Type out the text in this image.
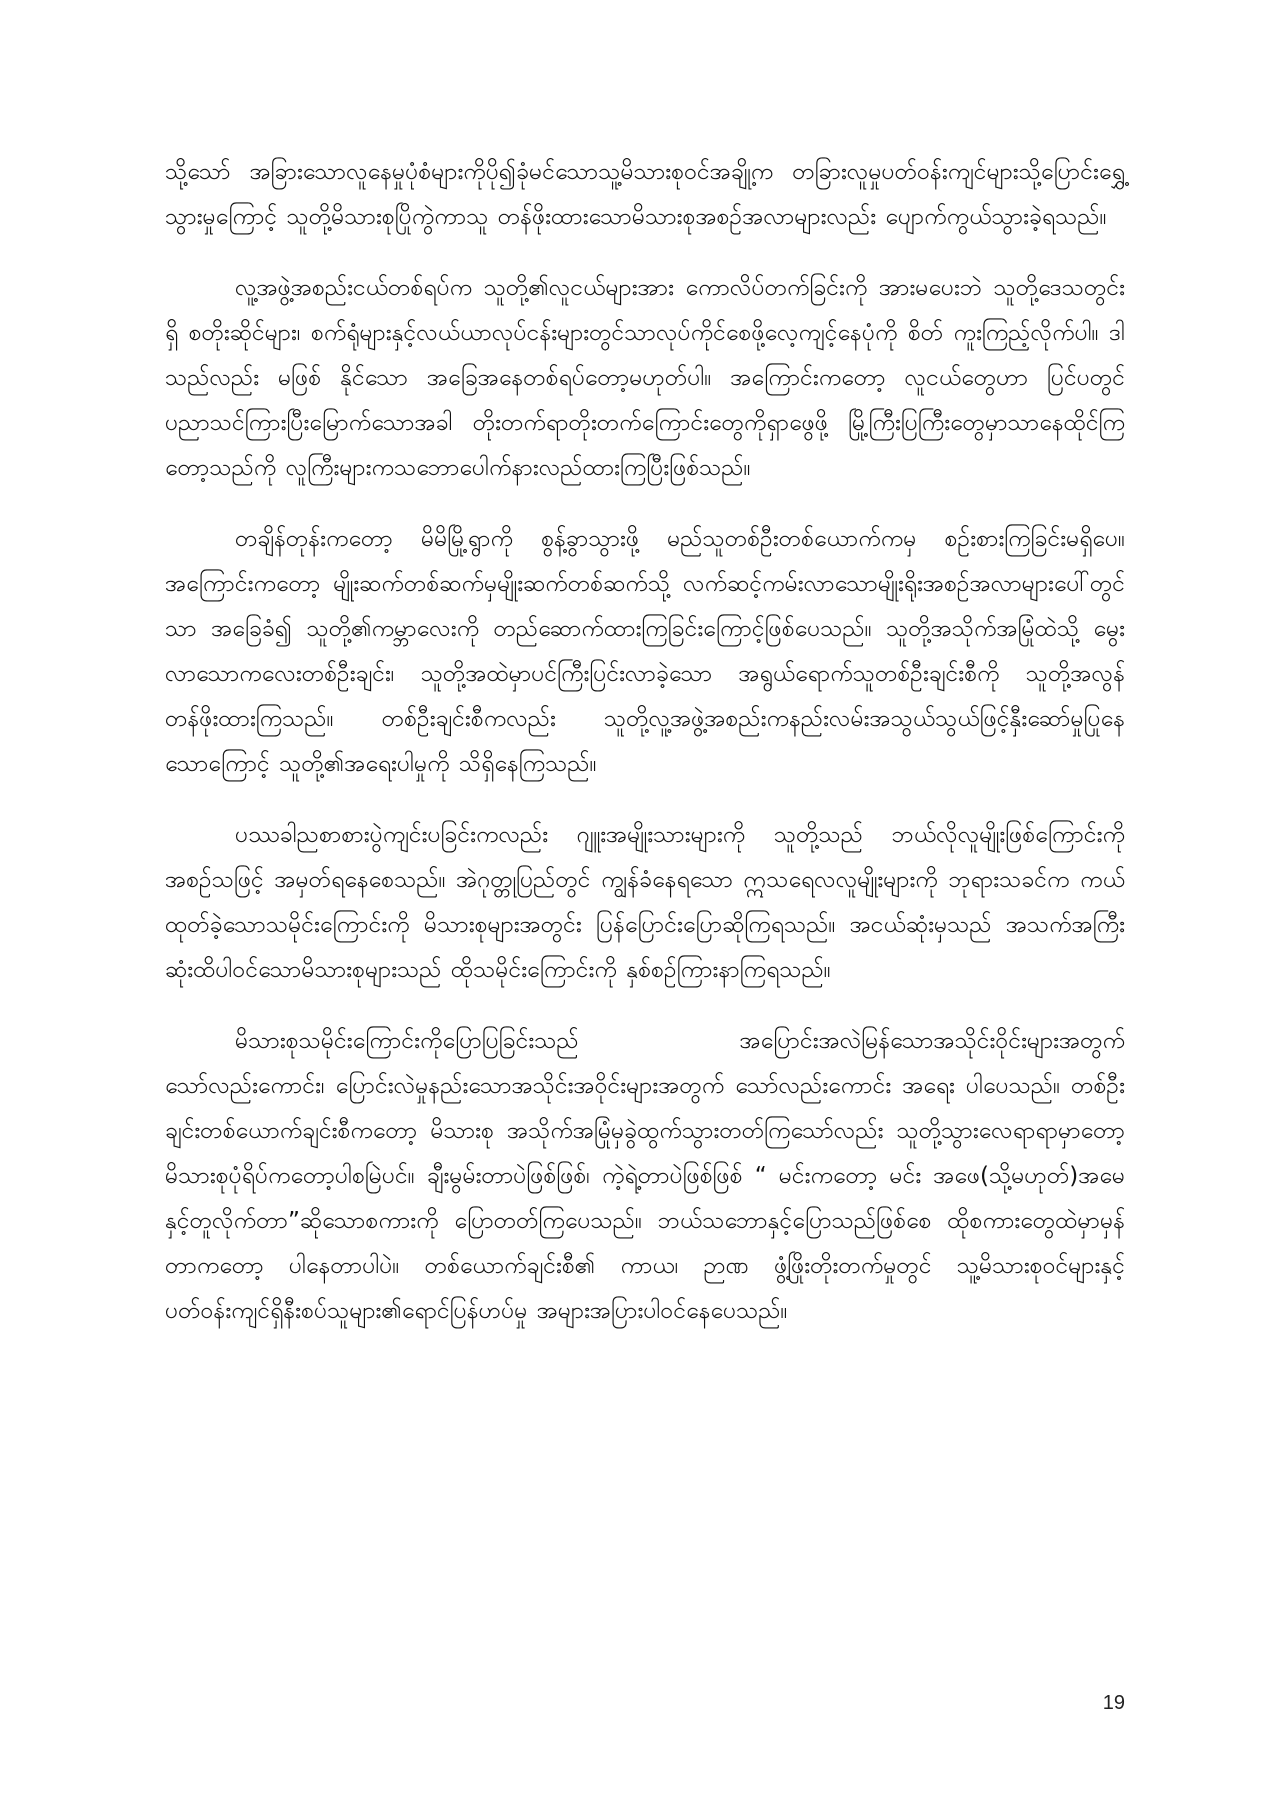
သို့သော် အခြားသောလူနေမှုပုံစံများကိုပို၍ခုံမင်သောသူ့မိသားစုဝင်အချို့က တခြားလူမှုပတ်ဝန်းကျင်များသို့ပြောင်းရွှေ့သွားမှုကြောင့် သူတို့မိသားစုပြိုကွဲကာသူ တန်ဖိုးထားသောမိသားစုအစဉ်အလာများလည်း ပျောက်ကွယ်သွားခဲ့ရသည်။

လူ့အဖွဲ့အစည်းငယ်တစ်ရပ်က သူတို့၏လူငယ်များအား ကောလိပ်တက်ခြင်းကို အားမပေးဘဲ သူတို့ဒေသတွင်းရှိ စတိုးဆိုင်များ၊ စက်ရုံများနှင့်လယ်ယာလုပ်ငန်းများတွင်သာလုပ်ကိုင်စေဖို့လေ့ကျင့်နေပုံကို စိတ် ကူးကြည့်လိုက်ပါ။ ဒါသည်လည်း မဖြစ် နိုင်သော အခြေအနေတစ်ရပ်တော့မဟုတ်ပါ။ အကြောင်းကတော့ လူငယ်တွေဟာ ပြင်ပတွင်ပညာသင်ကြားပြီးမြောက်သောအခါ တိုးတက်ရာတိုးတက်ကြောင်းတွေကိုရှာဖွေဖို့ မြို့ကြီးပြကြီးတွေမှာသာနေထိုင်ကြတော့သည်ကို လူကြီးများကသဘောပေါက်နားလည်ထားကြပြီးဖြစ်သည်။

တချိန်တုန်းကတော့ မိမိမြို့ရွာကို စွန့်ခွာသွားဖို့ မည်သူတစ်ဦးတစ်ယောက်ကမှ စဉ်းစားကြခြင်းမရှိပေ။ အကြောင်းကတော့ မျိုးဆက်တစ်ဆက်မှမျိုးဆက်တစ်ဆက်သို့ လက်ဆင့်ကမ်းလာသောမျိုးရိုးအစဉ်အလာများပေါ်တွင်သာ အခြေခံ၍ သူတို့၏ကမ္ဘာလေးကို တည်ဆောက်ထားကြခြင်းကြောင့်ဖြစ်ပေသည်။ သူတို့အသိုက်အမြုံထဲသို့ မွေးလာသောကလေးတစ်ဦးချင်း၊ သူတို့အထဲမှာပင်ကြီးပြင်းလာခဲ့သော အရွယ်ရောက်သူတစ်ဦးချင်းစီကို သူတို့အလွန်တန်ဖိုးထားကြသည်။ တစ်ဦးချင်းစီကလည်း သူတို့လူ့အဖွဲ့အစည်းကနည်းလမ်းအသွယ်သွယ်ဖြင့်နှီးဆော်မှုပြုနေသောကြောင့် သူတို့၏အရေးပါမှုကို သိရှိနေကြသည်။

ပဿခါညစာစားပွဲကျင်းပခြင်းကလည်း ဂျူးအမျိုးသားများကို သူတို့သည် ဘယ်လိုလူမျိုးဖြစ်ကြောင်းကို အစဉ်သဖြင့် အမှတ်ရနေစေသည်။ အဲဂုတ္တုပြည်တွင် ကျွန်ခံနေရသော ဣသရေလလူမျိုးများကို ဘုရားသခင်က ကယ်ထုတ်ခဲ့သောသမိုင်းကြောင်းကို မိသားစုများအတွင်း ပြန်ပြောင်းပြောဆိုကြရသည်။ အငယ်ဆုံးမှသည် အသက်အကြီးဆုံးထိပါဝင်သောမိသားစုများသည် ထိုသမိုင်းကြောင်းကို နှစ်စဉ်ကြားနာကြရသည်။

မိသားစုသမိုင်းကြောင်းကိုပြောပြခြင်းသည် အပြောင်းအလဲမြန်သောအသိုင်းဝိုင်းများအတွက်သော်လည်းကောင်း၊ ပြောင်းလဲမှုနည်းသောအသိုင်းအဝိုင်းများအတွက် သော်လည်းကောင်း အရေး ပါပေသည်။ တစ်ဦးချင်းတစ်ယောက်ချင်းစီကတော့ မိသားစု အသိုက်အမြုံမှခွဲထွက်သွားတတ်ကြသော်လည်း သူတို့သွားလေရာရာမှာတော့ မိသားစုပုံရိပ်ကတော့ပါစမြဲပင်။ ချီးမွမ်းတာပဲဖြစ်ဖြစ်၊ ကဲ့ရဲ့တာပဲဖြစ်ဖြစ် “ မင်းကတော့ မင်း အဖေ(သို့မဟုတ်)အမေနှင့်တူလိုက်တာ”ဆိုသောစကားကို ပြောတတ်ကြပေသည်။ ဘယ်သဘောနှင့်ပြောသည်ဖြစ်စေ ထိုစကားတွေထဲမှာမှန်တာကတော့ ပါနေတာပါပဲ။ တစ်ယောက်ချင်းစီ၏ ကာယ၊ ဉာဏ ဖွံ့ဖြိုးတိုးတက်မှုတွင် သူ့မိသားစုဝင်များနှင့် ပတ်ဝန်းကျင်ရှိနီးစပ်သူများ၏ရောင်ပြန်ဟပ်မှု အများအပြားပါဝင်နေပေသည်။

19
